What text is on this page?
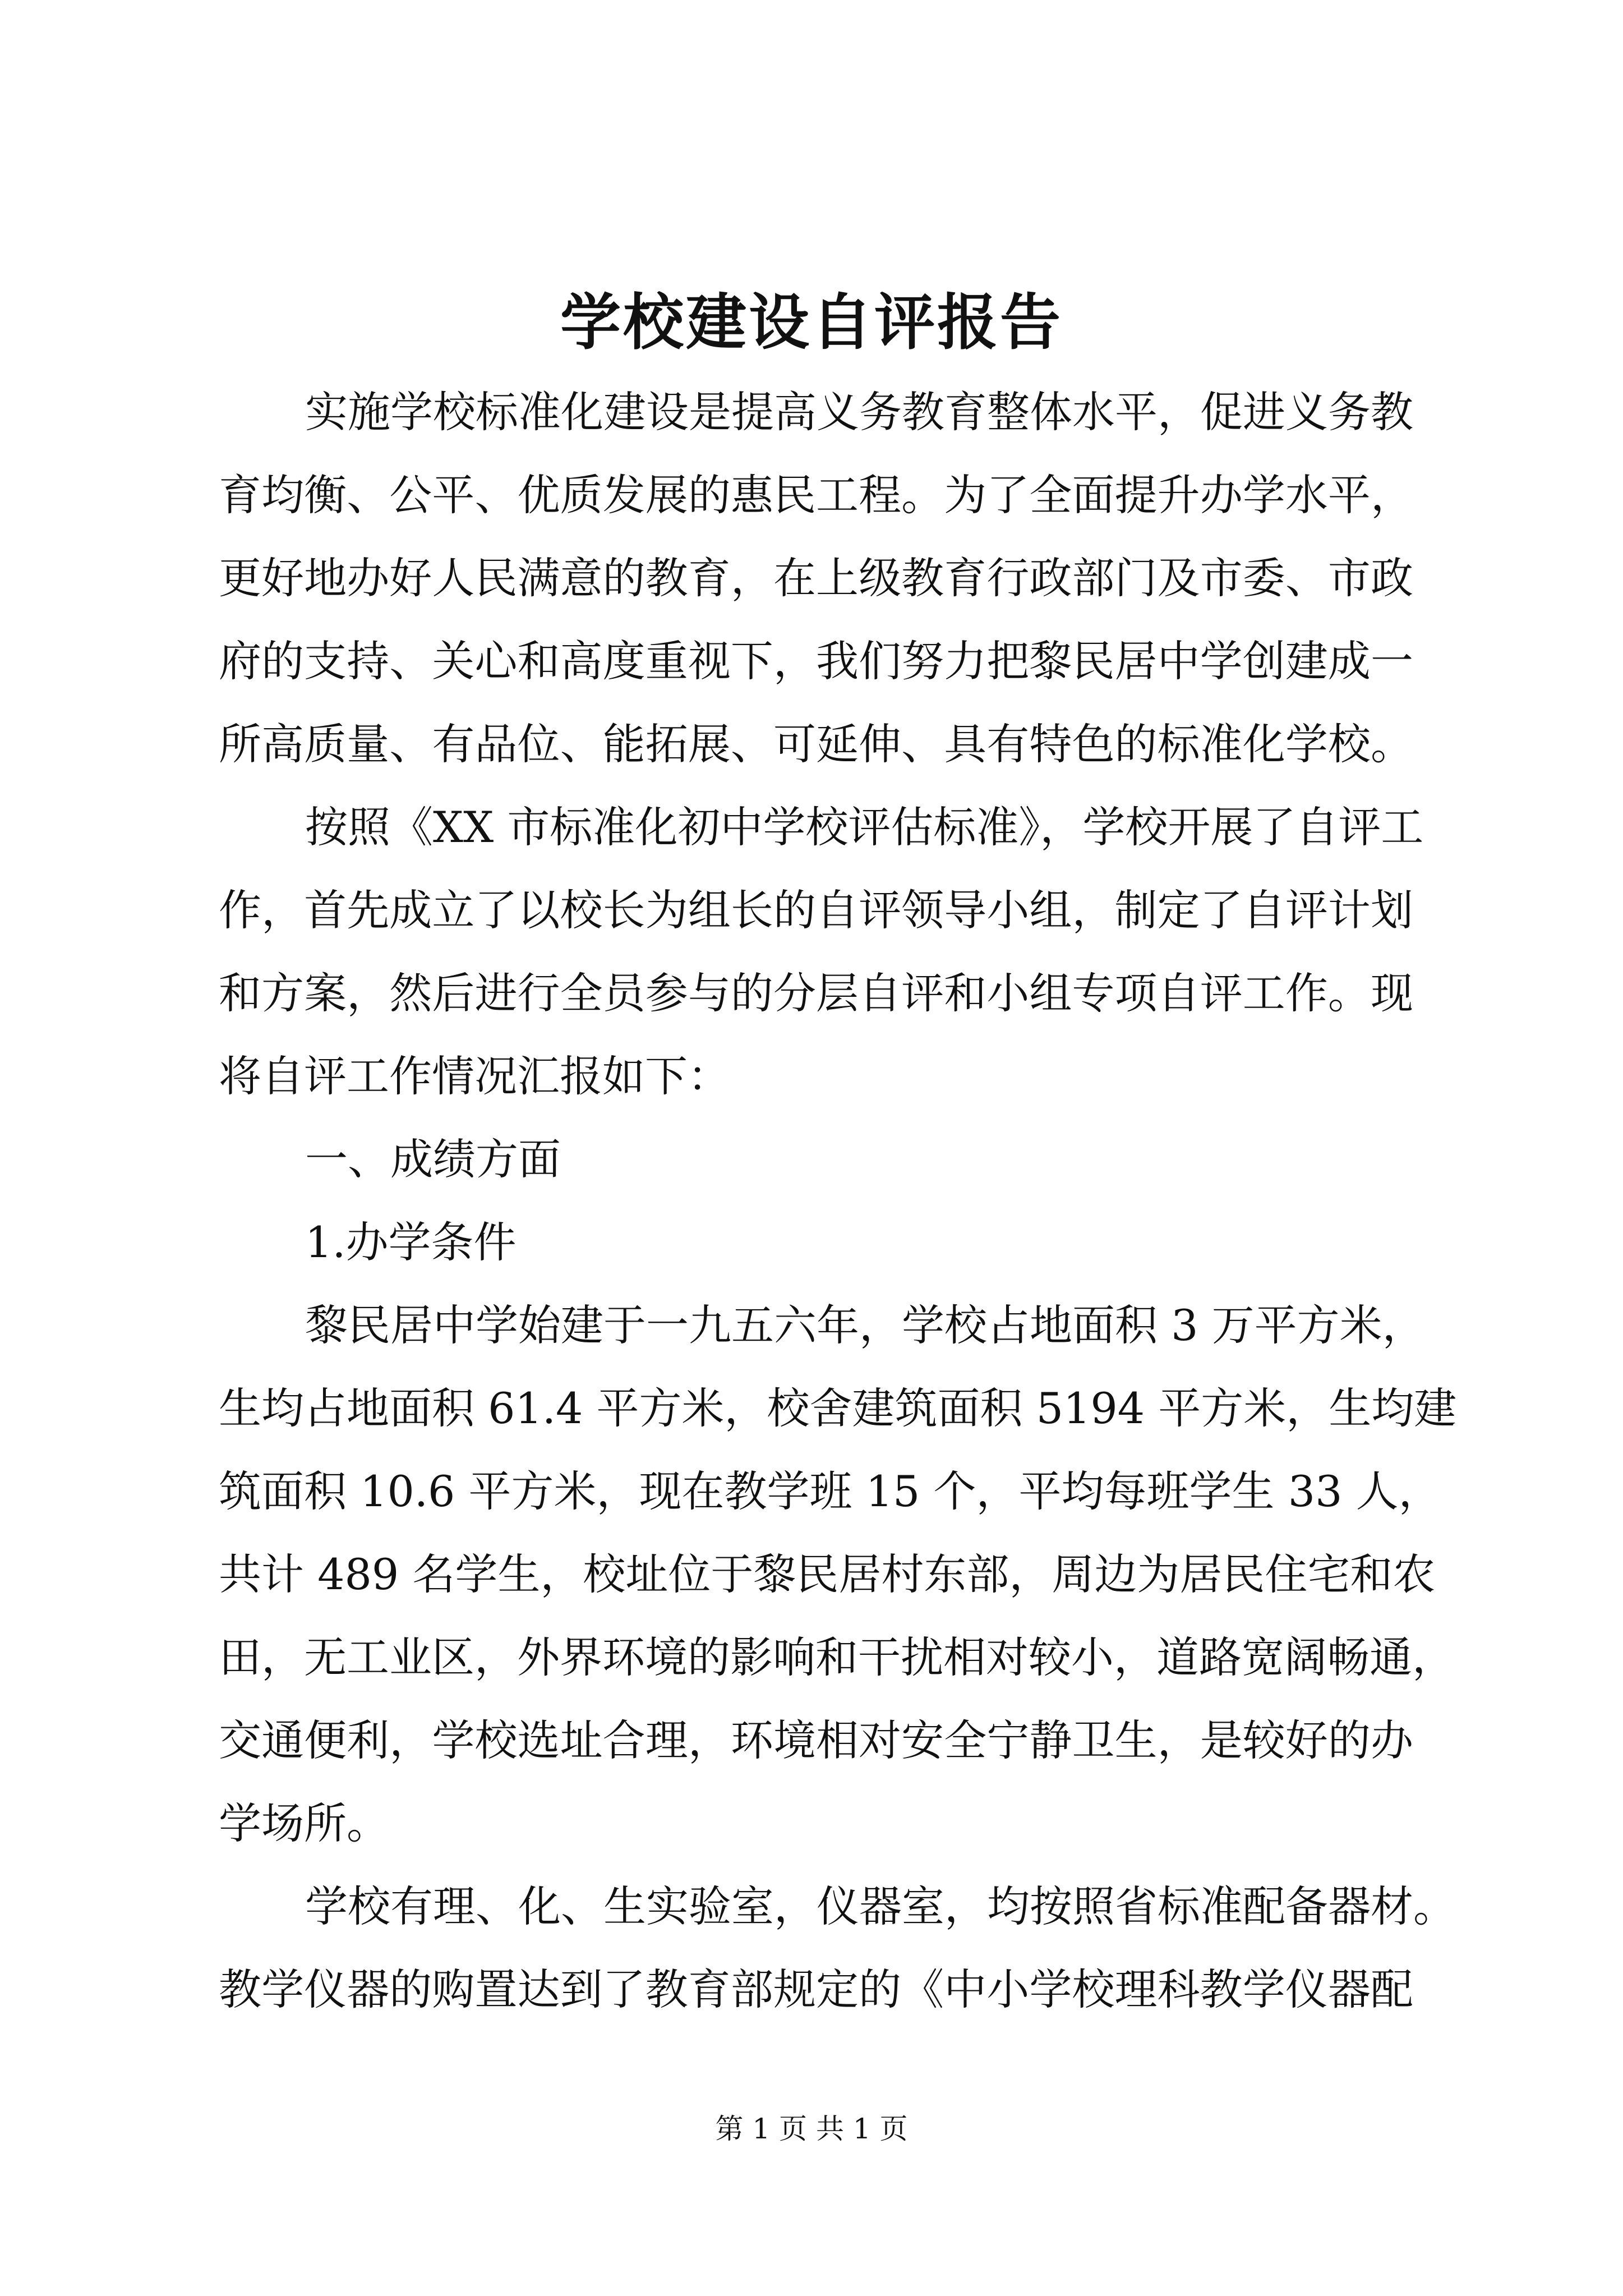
学校建设自评报告

实施学校标准化建设是提高义务教育整体水平，促进义务教

育均衡、公平、优质发展的惠民工程。为了全面提升办学水平，

更好地办好人民满意的教育，在上级教育行政部门及市委、市政

府的支持、关心和高度重视下，我们努力把黎民居中学创建成一

所高质量、有品位、能拓展、可延伸、具有特色的标准化学校。

按照《XX 市标准化初中学校评估标准》，学校开展了自评工

作，首先成立了以校长为组长的自评领导小组，制定了自评计划

和方案，然后进行全员参与的分层自评和小组专项自评工作。现

将自评工作情况汇报如下：

一、成绩方面

1.办学条件

黎民居中学始建于一九五六年，学校占地面积 3 万平方米，

生均占地面积 61.4 平方米，校舍建筑面积 5194 平方米，生均建

筑面积 10.6 平方米，现在教学班 15 个，平均每班学生 33 人，

共计 489 名学生，校址位于黎民居村东部，周边为居民住宅和农

田，无工业区，外界环境的影响和干扰相对较小，道路宽阔畅通，

交通便利，学校选址合理，环境相对安全宁静卫生，是较好的办

学场所。

学校有理、化、生实验室，仪器室，均按照省标准配备器材。

教学仪器的购置达到了教育部规定的《中小学校理科教学仪器配

第 1 页 共 1 页
